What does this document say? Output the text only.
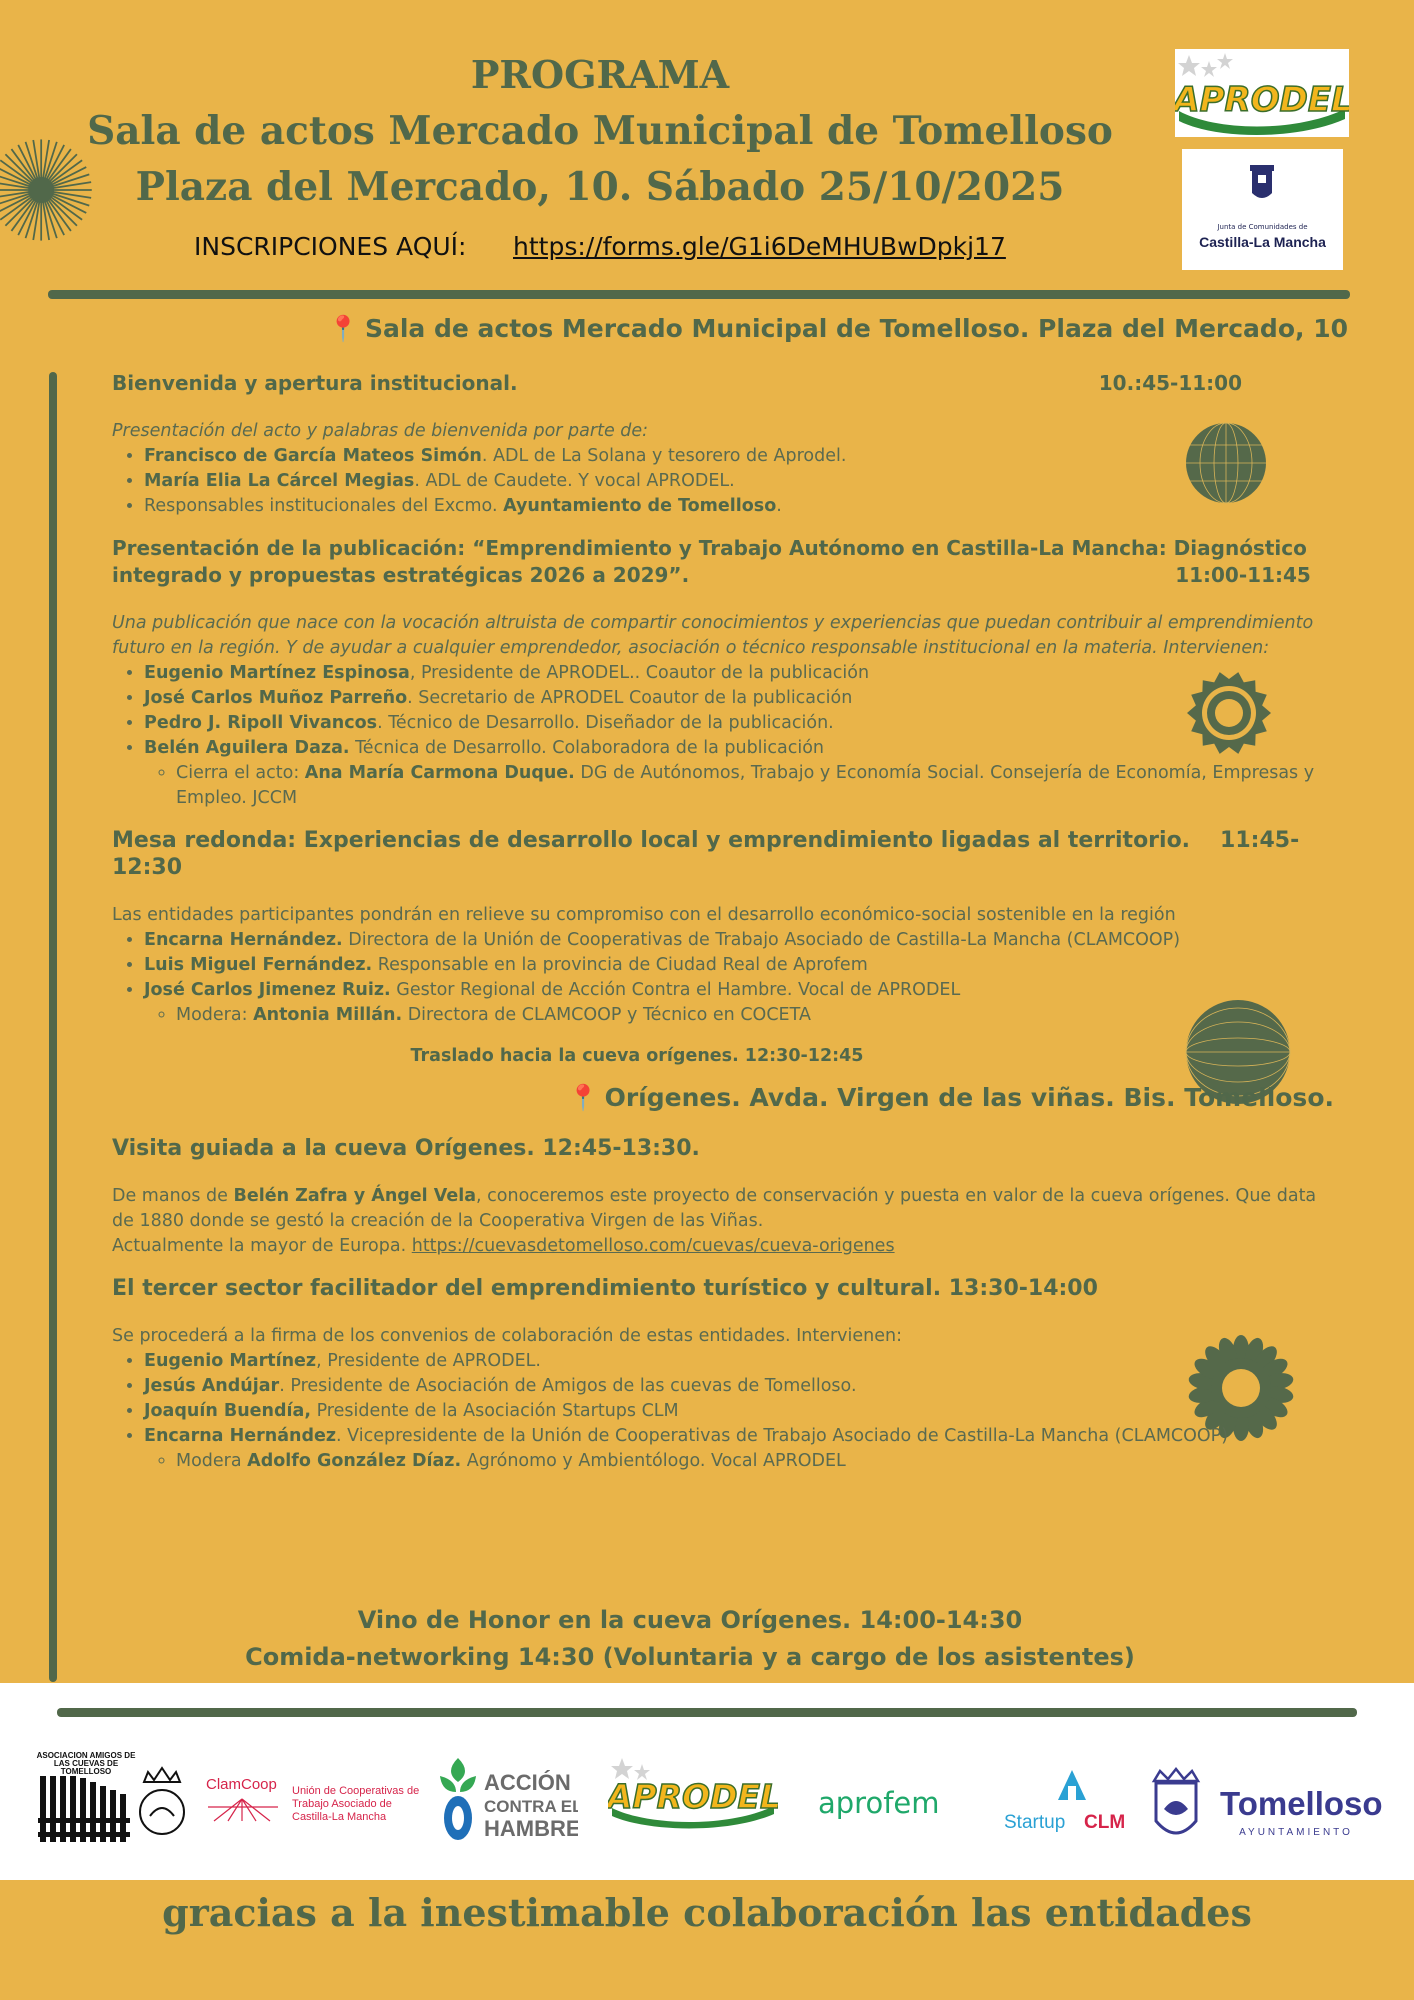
PROGRAMA
Sala de actos Mercado Municipal de Tomelloso
Plaza del Mercado, 10. Sábado 25/10/2025
INSCRIPCIONES AQUÍ: https://forms.gle/G1i6DeMHUBwDpkj17
APRODEL
Junta de Comunidades de
Castilla-La Mancha
📍 Sala de actos Mercado Municipal de Tomelloso. Plaza del Mercado, 10

Bienvenida y apertura institucional.	10.:45-11:00

Presentación del acto y palabras de bienvenida por parte de:

• Francisco de García Mateos Simón. ADL de La Solana y tesorero de Aprodel.
• María Elia La Cárcel Megias. ADL de Caudete. Y vocal APRODEL.
• Responsables institucionales del Excmo. Ayuntamiento de Tomelloso.

Presentación de la publicación: “Emprendimiento y Trabajo Autónomo en Castilla-La Mancha: Diagnóstico integrado y propuestas estratégicas 2026 a 2029”.	11:00-11:45

Una publicación que nace con la vocación altruista de compartir conocimientos y experiencias que puedan contribuir al emprendimiento futuro en la región. Y de ayudar a cualquier emprendedor, asociación o técnico responsable institucional en la materia. Intervienen:

• Eugenio Martínez Espinosa, Presidente de APRODEL.. Coautor de la publicación
• José Carlos Muñoz Parreño. Secretario de APRODEL Coautor de la publicación
• Pedro J. Ripoll Vivancos. Técnico de Desarrollo. Diseñador de la publicación.
• Belén Aguilera Daza. Técnica de Desarrollo. Colaboradora de la publicación
◦ Cierra el acto: Ana María Carmona Duque. DG de Autónomos, Trabajo y Economía Social. Consejería de Economía, Empresas y Empleo. JCCM

Mesa redonda: Experiencias de desarrollo local y emprendimiento ligadas al territorio. 11:45-12:30

Las entidades participantes pondrán en relieve su compromiso con el desarrollo económico-social sostenible en la región

• Encarna Hernández. Directora de la Unión de Cooperativas de Trabajo Asociado de Castilla-La Mancha (CLAMCOOP)
• Luis Miguel Fernández. Responsable en la provincia de Ciudad Real de Aprofem
• José Carlos Jimenez Ruiz. Gestor Regional de Acción Contra el Hambre. Vocal de APRODEL
◦ Modera: Antonia Millán. Directora de CLAMCOOP y Técnico en COCETA

Traslado hacia la cueva orígenes. 12:30-12:45

📍 Orígenes. Avda. Virgen de las viñas. Bis. Tomelloso.

Visita guiada a la cueva Orígenes. 12:45-13:30.

De manos de Belén Zafra y Ángel Vela, conoceremos este proyecto de conservación y puesta en valor de la cueva orígenes. Que data de 1880 donde se gestó la creación de la Cooperativa Virgen de las Viñas.

Actualmente la mayor de Europa. https://cuevasdetomelloso.com/cuevas/cueva-origenes

El tercer sector facilitador del emprendimiento turístico y cultural. 13:30-14:00

Se procederá a la firma de los convenios de colaboración de estas entidades. Intervienen:

• Eugenio Martínez, Presidente de APRODEL.
• Jesús Andújar. Presidente de Asociación de Amigos de las cuevas de Tomelloso.
• Joaquín Buendía, Presidente de la Asociación Startups CLM
• Encarna Hernández. Vicepresidente de la Unión de Cooperativas de Trabajo Asociado de Castilla-La Mancha (CLAMCOOP)
◦ Modera Adolfo González Díaz. Agrónomo y Ambientólogo. Vocal APRODEL
Vino de Honor en la cueva Orígenes. 14:00-14:30
Comida-networking 14:30 (Voluntaria y a cargo de los asistentes)
ASOCIACIÓN AMIGOS DE LAS CUEVAS DE TOMELLOSO
ClamCoop Unión de Cooperativas de Trabajo Asociado de Castilla-La Mancha
ACCIÓN
CONTRA EL
HAMBRE
APRODEL aprofem
Startup CLM
Tomelloso
AYUNTAMIENTO
gracias a la inestimable colaboración las entidades
